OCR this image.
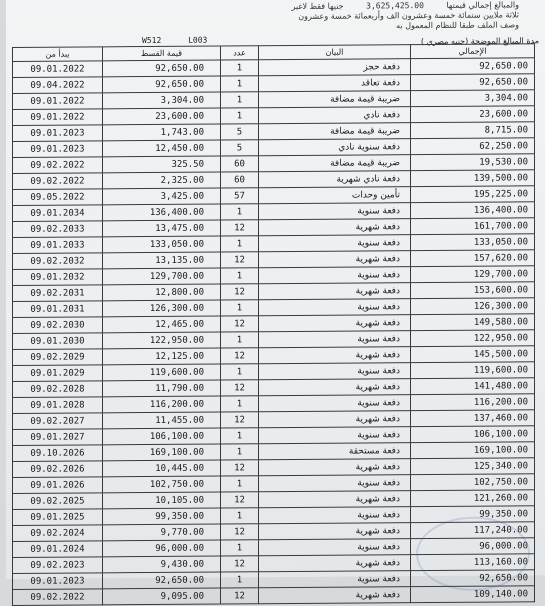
والمبالغ إجمالي قيمتها 3,625,425.00 جنيها فقط لاغير
ثلاثة ملايين ستمائة خمسة وعشرون الف وأربعمائة خمسة وعشرون
وصف الملف طبقا للنظام المعمول به
W512	L003	مدة المبالغ الموضحة (جنيه مصري )
يبدأ من	قيمة القسط	عدد	البيان	الإجمالي
09.01.2022	92,650.00	1	دفعة حجز	92,650.00
09.04.2022	92,650.00	1	دفعة تعاقد	92,650.00
09.01.2022	3,304.00	1	ضريبة قيمة مضافة	3,304.00
09.01.2022	23,600.00	1	دفعة نادي	23,600.00
09.01.2023	1,743.00	5	ضريبة قيمة مضافة	8,715.00
09.01.2023	12,450.00	5	دفعة سنوية نادي	62,250.00
09.02.2022	325.50	60	ضريبة قيمة مضافة	19,530.00
09.02.2022	2,325.00	60	دفعة نادي شهرية	139,500.00
09.05.2022	3,425.00	57	تأمين وحدات	195,225.00
09.01.2034	136,400.00	1	دفعة سنوية	136,400.00
09.02.2033	13,475.00	12	دفعة شهرية	161,700.00
09.01.2033	133,050.00	1	دفعة سنوية	133,050.00
09.02.2032	13,135.00	12	دفعة شهرية	157,620.00
09.01.2032	129,700.00	1	دفعة سنوية	129,700.00
09.02.2031	12,800.00	12	دفعة شهرية	153,600.00
09.01.2031	126,300.00	1	دفعة سنوية	126,300.00
09.02.2030	12,465.00	12	دفعة شهرية	149,580.00
09.01.2030	122,950.00	1	دفعة سنوية	122,950.00
09.02.2029	12,125.00	12	دفعة شهرية	145,500.00
09.01.2029	119,600.00	1	دفعة سنوية	119,600.00
09.02.2028	11,790.00	12	دفعة شهرية	141,480.00
09.01.2028	116,200.00	1	دفعة سنوية	116,200.00
09.02.2027	11,455.00	12	دفعة شهرية	137,460.00
09.01.2027	106,100.00	1	دفعة سنوية	106,100.00
09.10.2026	169,100.00	1	دفعة مستحقة	169,100.00
09.02.2026	10,445.00	12	دفعة شهرية	125,340.00
09.01.2026	102,750.00	1	دفعة سنوية	102,750.00
09.02.2025	10,105.00	12	دفعة شهرية	121,260.00
09.01.2025	99,350.00	1	دفعة سنوية	99,350.00
09.02.2024	9,770.00	12	دفعة شهرية	117,240.00
09.01.2024	96,000.00	1	دفعة سنوية	96,000.00
09.02.2023	9,430.00	12	دفعة شهرية	113,160.00
09.01.2023	92,650.00	1	دفعة سنوية	92,650.00
09.02.2022	9,095.00	12	دفعة شهرية	109,140.00
